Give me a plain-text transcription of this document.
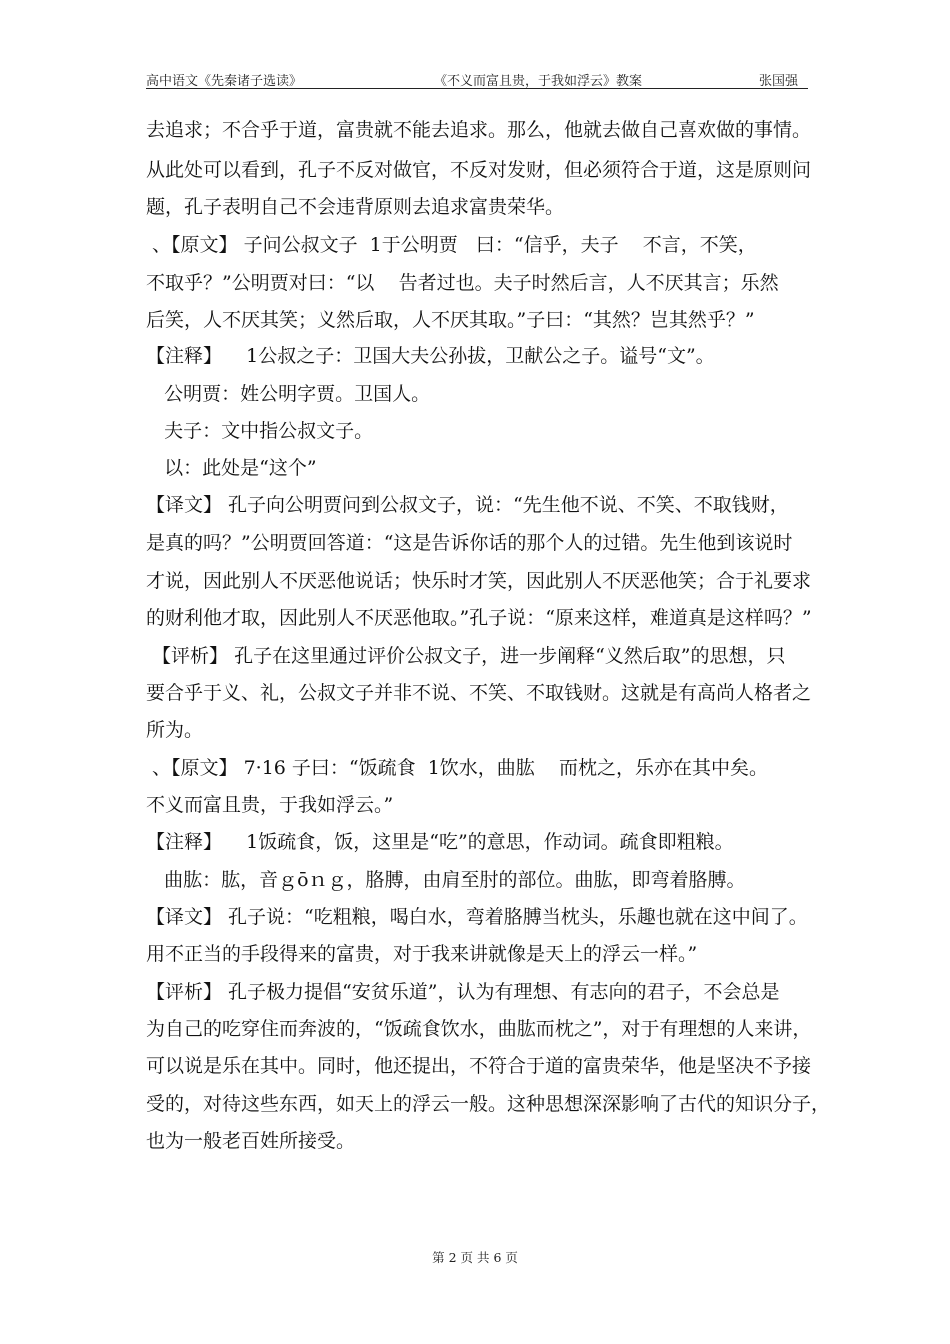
高中语文《先秦诸子选读》	《不义而富且贵，于我如浮云》教案	张国强
去追求；不合乎于道，富贵就不能去追求。那么，他就去做自己喜欢做的事情。
从此处可以看到，孔子不反对做官，不反对发财，但必须符合于道，这是原则问
题，孔子表明自己不会违背原则去追求富贵荣华。
、【原文】 子问公叔文子  1于公明贾   曰：“信乎，夫子    不言，不笑，
不取乎？”公明贾对曰：“以    告者过也。夫子时然后言，人不厌其言；乐然
后笑，人不厌其笑；义然后取，人不厌其取。”子曰：“其然？岂其然乎？”
【注释】    1公叔之子：卫国大夫公孙拔，卫献公之子。谥号“文”。
公明贾：姓公明字贾。卫国人。
夫子：文中指公叔文子。
以：此处是“这个”
【译文】 孔子向公明贾问到公叔文子，说：“先生他不说、不笑、不取钱财，
是真的吗？”公明贾回答道：“这是告诉你话的那个人的过错。先生他到该说时
才说，因此别人不厌恶他说话；快乐时才笑，因此别人不厌恶他笑；合于礼要求
的财利他才取，因此别人不厌恶他取。”孔子说：“原来这样，难道真是这样吗？”
【评析】 孔子在这里通过评价公叔文子，进一步阐释“义然后取”的思想，只
要合乎于义、礼，公叔文子并非不说、不笑、不取钱财。这就是有高尚人格者之
所为。
、【原文】 7·16 子曰：“饭疏食  1饮水，曲肱    而枕之，乐亦在其中矣。
不义而富且贵，于我如浮云。”
【注释】    1饭疏食，饭，这里是“吃”的意思，作动词。疏食即粗粮。
曲肱：肱，音ｇōｎｇ，胳膊，由肩至肘的部位。曲肱，即弯着胳膊。
【译文】 孔子说：“吃粗粮，喝白水，弯着胳膊当枕头，乐趣也就在这中间了。
用不正当的手段得来的富贵，对于我来讲就像是天上的浮云一样。”
【评析】 孔子极力提倡“安贫乐道”，认为有理想、有志向的君子，不会总是
为自己的吃穿住而奔波的，“饭疏食饮水，曲肱而枕之”，对于有理想的人来讲，
可以说是乐在其中。同时，他还提出，不符合于道的富贵荣华，他是坚决不予接
受的，对待这些东西，如天上的浮云一般。这种思想深深影响了古代的知识分子，
也为一般老百姓所接受。
第 2 页 共 6 页
